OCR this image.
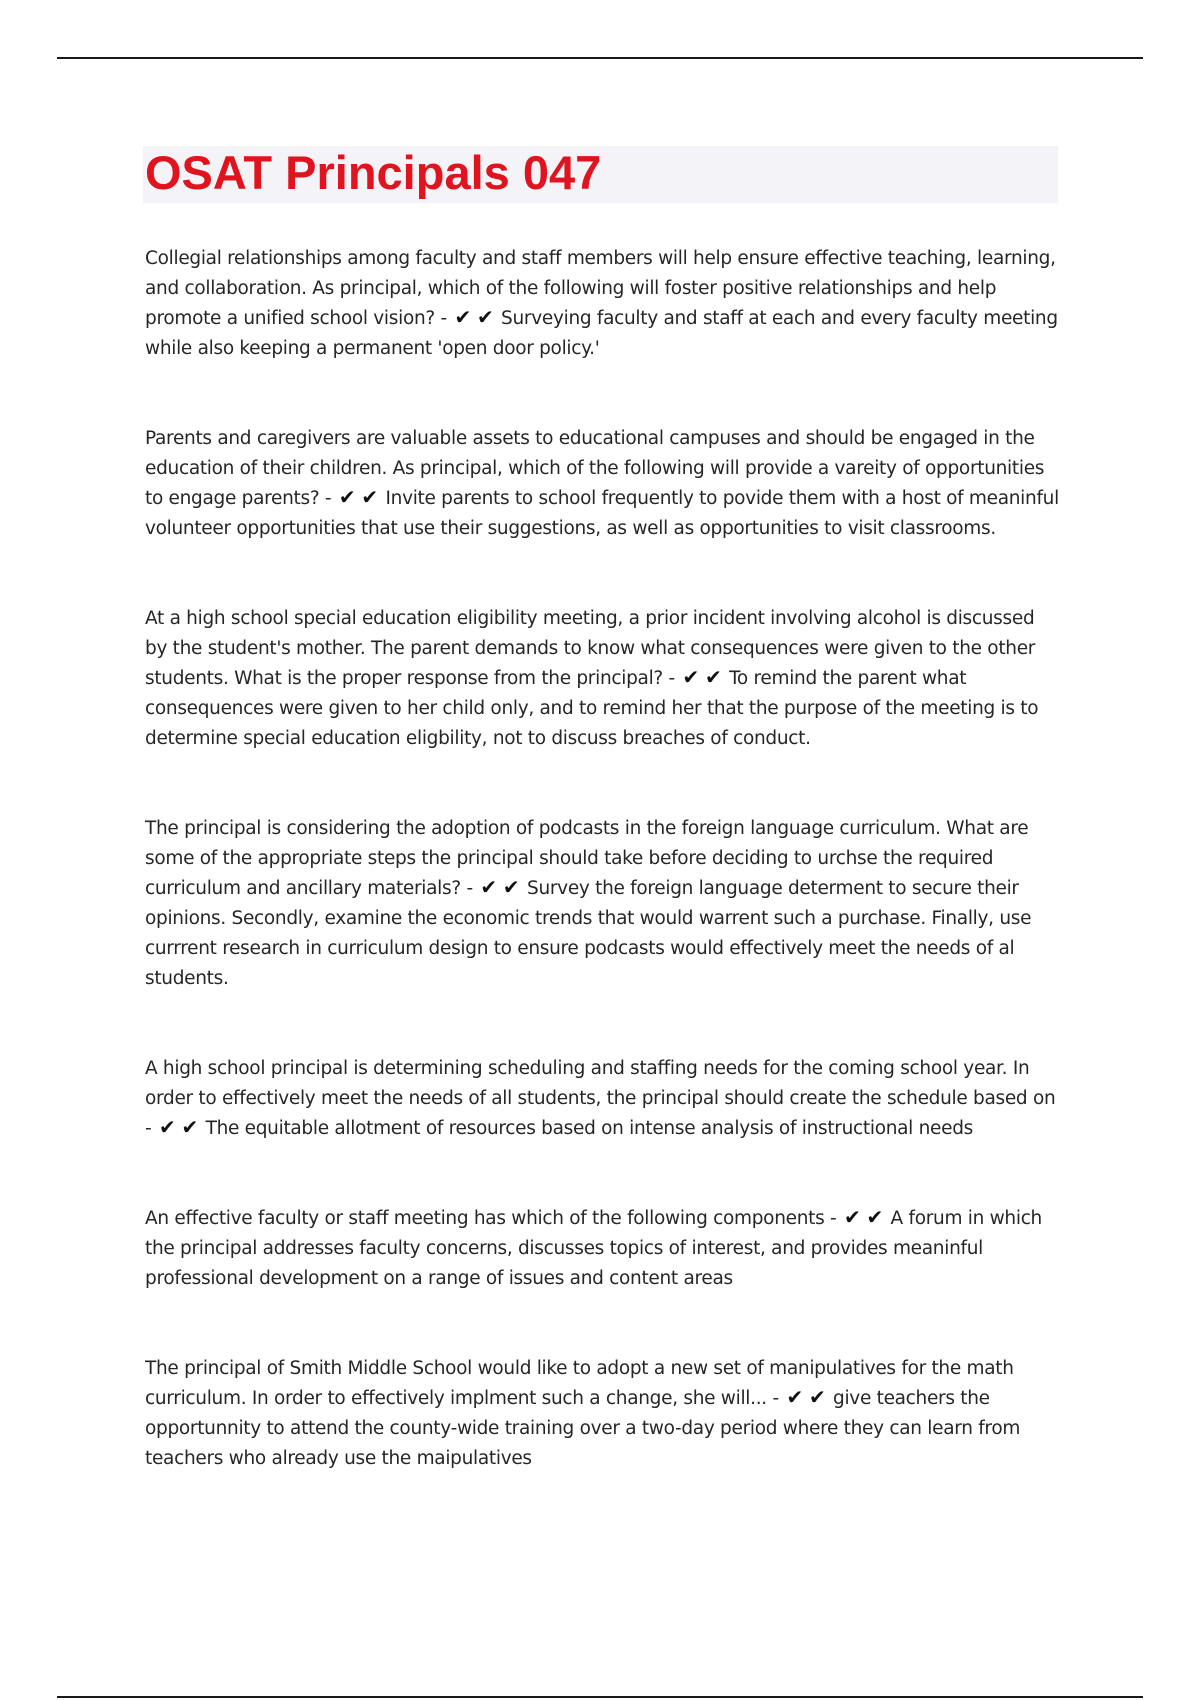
OSAT Principals 047

Collegial relationships among faculty and staff members will help ensure effective teaching, learning, and collaboration. As principal, which of the following will foster positive relationships and help promote a unified school vision? - ✔ ✔ Surveying faculty and staff at each and every faculty meeting while also keeping a permanent 'open door policy.'

Parents and caregivers are valuable assets to educational campuses and should be engaged in the education of their children. As principal, which of the following will provide a vareity of opportunities to engage parents? - ✔ ✔ Invite parents to school frequently to povide them with a host of meaninful volunteer opportunities that use their suggestions, as well as opportunities to visit classrooms.

At a high school special education eligibility meeting, a prior incident involving alcohol is discussed by the student's mother. The parent demands to know what consequences were given to the other students. What is the proper response from the principal? - ✔ ✔ To remind the parent what consequences were given to her child only, and to remind her that the purpose of the meeting is to determine special education eligbility, not to discuss breaches of conduct.

The principal is considering the adoption of podcasts in the foreign language curriculum. What are some of the appropriate steps the principal should take before deciding to urchse the required curriculum and ancillary materials? - ✔ ✔ Survey the foreign language determent to secure their opinions. Secondly, examine the economic trends that would warrent such a purchase. Finally, use currrent research in curriculum design to ensure podcasts would effectively meet the needs of al students.

A high school principal is determining scheduling and staffing needs for the coming school year. In order to effectively meet the needs of all students, the principal should create the schedule based on - ✔ ✔ The equitable allotment of resources based on intense analysis of instructional needs

An effective faculty or staff meeting has which of the following components - ✔ ✔ A forum in which the principal addresses faculty concerns, discusses topics of interest, and provides meaninful professional development on a range of issues and content areas

The principal of Smith Middle School would like to adopt a new set of manipulatives for the math curriculum. In order to effectively implment such a change, she will... - ✔ ✔ give teachers the opportunnity to attend the county-wide training over a two-day period where they can learn from teachers who already use the maipulatives
